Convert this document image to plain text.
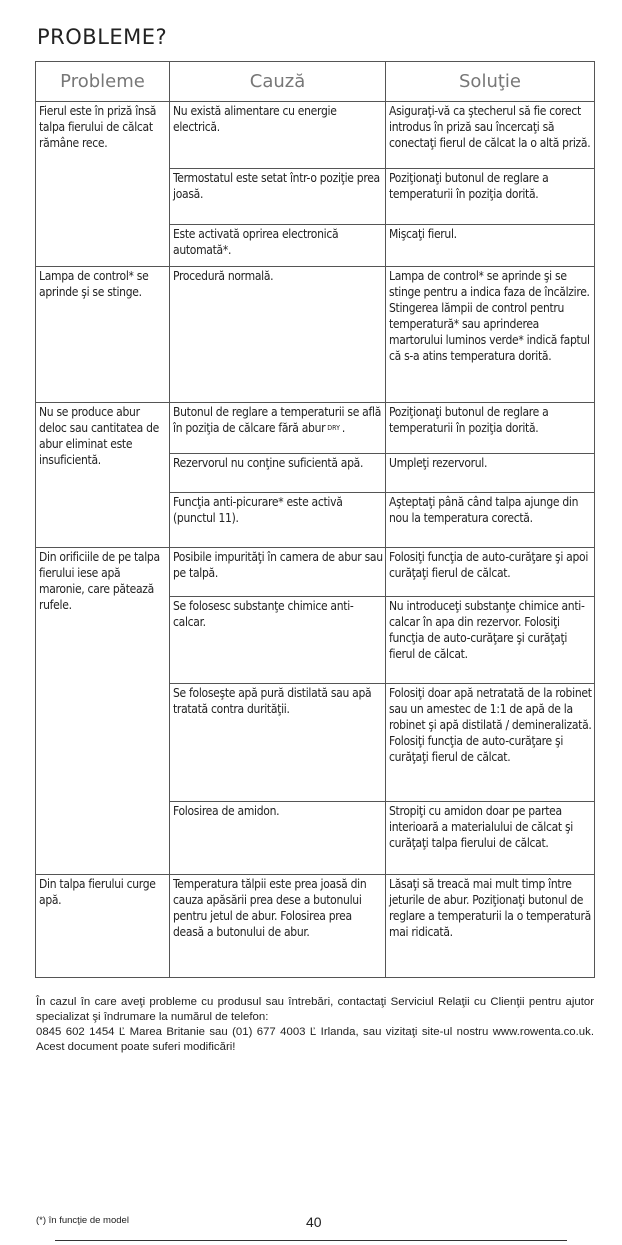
PROBLEME?
Probleme	Cauză	Soluţie
Fierul este în priză însă talpa fierului de călcat rămâne rece.	Nu există alimentare cu energie electrică.	Asiguraţi-vă ca ştecherul să fie corect introdus în priză sau încercaţi să conectaţi fierul de călcat la o altă priză.
	Termostatul este setat într-o poziţie prea joasă.	Poziţionaţi butonul de reglare a temperaturii în poziţia dorită.
	Este activată oprirea electronică automată*.	Mişcaţi fierul.
Lampa de control* se aprinde şi se stinge.	Procedură normală.	Lampa de control* se aprinde şi se stinge pentru a indica faza de încălzire. Stingerea lămpii de control pentru temperatură* sau aprinderea martorului luminos verde* indică faptul că s-a atins temperatura dorită.
Nu se produce abur deloc sau cantitatea de abur eliminat este insuficientă.	Butonul de reglare a temperaturii se află în poziţia de călcare fără abur DRY .	Poziţionaţi butonul de reglare a temperaturii în poziţia dorită.
	Rezervorul nu conţine suficientă apă.	Umpleţi rezervorul.
	Funcţia anti-picurare* este activă (punctul 11).	Aşteptaţi până când talpa ajunge din nou la temperatura corectă.
Din orificiile de pe talpa fierului iese apă maronie, care pătează rufele.	Posibile impurităţi în camera de abur sau pe talpă.	Folosiţi funcţia de auto-curăţare şi apoi curăţaţi fierul de călcat.
	Se folosesc substanţe chimice anti-calcar.	Nu introduceţi substanţe chimice anti-calcar în apa din rezervor. Folosiţi funcţia de auto-curăţare şi curăţaţi fierul de călcat.
	Se foloseşte apă pură distilată sau apă tratată contra durităţii.	Folosiţi doar apă netratată de la robinet sau un amestec de 1:1 de apă de la robinet şi apă distilată / demineralizată. Folosiţi funcţia de auto-curăţare şi curăţaţi fierul de călcat.
	Folosirea de amidon.	Stropiţi cu amidon doar pe partea interioară a materialului de călcat şi curăţaţi talpa fierului de călcat.
Din talpa fierului curge apă.	Temperatura tălpii este prea joasă din cauza apăsării prea dese a butonului pentru jetul de abur. Folosirea prea deasă a butonului de abur.	Lăsaţi să treacă mai mult timp între jeturile de abur. Poziţionaţi butonul de reglare a temperaturii la o temperatură mai ridicată.

În cazul în care aveţi probleme cu produsul sau întrebări, contactaţi Serviciul Relaţii cu Clienţii pentru ajutor specializat şi îndrumare la numărul de telefon:

0845 602 1454 Ľ Marea Britanie sau (01) 677 4003 Ľ Irlanda, sau vizitaţi site-ul nostru www.rowenta.co.uk. Acest document poate suferi modificări!

(*) în funcţie de model	40
